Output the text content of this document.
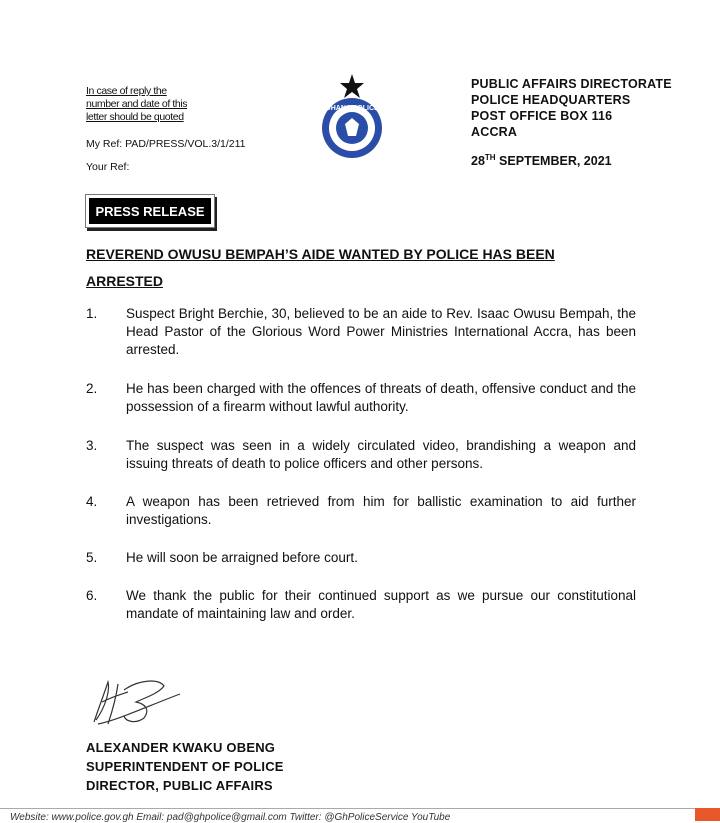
In case of reply the
number and date of this
letter should be quoted
My Ref: PAD/PRESS/VOL.3/1/211
Your Ref:
GHANA POLICE
PUBLIC AFFAIRS DIRECTORATE
POLICE HEADQUARTERS
POST OFFICE BOX 116
ACCRA
28TH SEPTEMBER, 2021
PRESS RELEASE
REVEREND OWUSU BEMPAH’S AIDE WANTED BY POLICE HAS BEEN ARRESTED
1. Suspect Bright Berchie, 30, believed to be an aide to Rev. Isaac Owusu Bempah, the Head Pastor of the Glorious Word Power Ministries International Accra, has been arrested.
2. He has been charged with the offences of threats of death, offensive conduct and the possession of a firearm without lawful authority.
3. The suspect was seen in a widely circulated video, brandishing a weapon and issuing threats of death to police officers and other persons.
4. A weapon has been retrieved from him for ballistic examination to aid further investigations.
5. He will soon be arraigned before court.
6. We thank the public for their continued support as we pursue our constitutional mandate of maintaining law and order.
ALEXANDER KWAKU OBENG
SUPERINTENDENT OF POLICE
DIRECTOR, PUBLIC AFFAIRS
Website: www.police.gov.gh Email: pad@ghpolice@gmail.com Twitter: @GhPoliceService YouTube
